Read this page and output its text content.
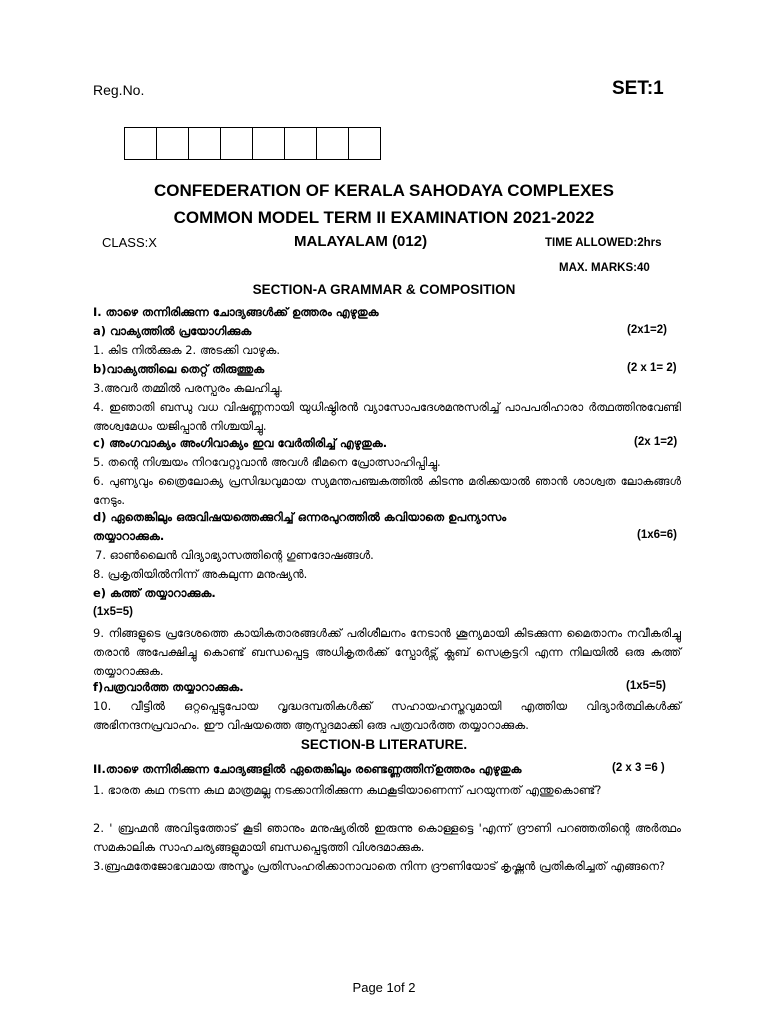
Reg.No.	SET:1
CONFEDERATION OF KERALA SAHODAYA COMPLEXES
COMMON MODEL TERM II EXAMINATION 2021-2022
CLASS:X	MALAYALAM (012)	TIME ALLOWED:2hrs
MAX. MARKS:40
SECTION-A GRAMMAR & COMPOSITION
I. താഴെ തന്നിരിക്കുന്ന ചോദ്യങ്ങൾക്ക് ഉത്തരം എഴുതുക
a) വാക്യത്തിൽ പ്രയോഗിക്കുക	(2x1=2)
1. കിട നിൽക്കുക 2. അടക്കി വാഴുക.
b)വാക്യത്തിലെ തെറ്റ് തിരുത്തുക	(2 x 1= 2)
3.അവർ തമ്മിൽ പരസ്പരം കലഹിച്ചു.
4. ഇഞാതി ബന്ധു വധ വിഷണ്ണനായി യുധിഷ്ഠിരൻ വ്യാസോപദേശമനുസരിച്ച് പാപപരിഹാരാ ർത്ഥത്തിനുവേണ്ടി അശ്വമേധം യജിപ്പാൻ നിശ്ചയിച്ചു.
c) അംഗവാക്യം അംഗിവാക്യം ഇവ വേർതിരിച്ച് എഴുതുക.	(2x 1=2)
5. തന്റെ നിശ്ചയം നിറവേറ്റുവാൻ അവൾ ഭീമനെ പ്രോത്സാഹിപ്പിച്ചു.
6. പുണ്യവും ത്രൈലോക്യ പ്രസിദ്ധവുമായ സ്യമന്തപഞ്ചകത്തിൽ കിടന്നു മരിക്കയാൽ ഞാൻ ശാശ്വത ലോകങ്ങൾ നേടും.
d) ഏതെങ്കിലും ഒരുവിഷയത്തെക്കുറിച്ച് ഒന്നരപുറത്തിൽ കവിയാതെ ഉപന്യാസം
തയ്യാറാക്കുക.	(1x6=6)
7. ഓൺലൈൻ വിദ്യാഭ്യാസത്തിന്റെ ഗുണദോഷങ്ങൾ.
8. പ്രകൃതിയിൽനിന്ന് അകലുന്ന മനുഷ്യൻ.
e) കത്ത് തയ്യാറാക്കുക.
(1x5=5)
9. നിങ്ങളുടെ പ്രദേശത്തെ കായികതാരങ്ങൾക്ക് പരിശീലനം നേടാൻ ശൂന്യമായി കിടക്കുന്ന മൈതാനം നവീകരിച്ചു തരാൻ അപേക്ഷിച്ചു കൊണ്ട് ബന്ധപ്പെട്ട അധികൃതർക്ക് സ്പോർട്സ് ക്ലബ് സെക്രട്ടറി എന്ന നിലയിൽ ഒരു കത്ത് തയ്യാറാക്കുക.
f)പത്രവാർത്ത തയ്യാറാക്കുക.	(1x5=5)
10. വീട്ടിൽ ഒറ്റപ്പെട്ടുപോയ വൃദ്ധദമ്പതികൾക്ക് സഹായഹസ്തവുമായി എത്തിയ വിദ്യാർത്ഥികൾക്ക് അഭിനന്ദനപ്രവാഹം. ഈ വിഷയത്തെ ആസ്പദമാക്കി ഒരു പത്രവാർത്ത തയ്യാറാക്കുക.
SECTION-B LITERATURE.
II.താഴെ തന്നിരിക്കുന്ന ചോദ്യങ്ങളിൽ ഏതെങ്കിലും രണ്ടെണ്ണത്തിന്ഉത്തരം എഴുതുക	(2 x 3 =6 )
1. ഭാരത കഥ നടന്ന കഥ മാത്രമല്ല നടക്കാനിരിക്കുന്ന കഥകൂടിയാണെന്ന് പറയുന്നത് എന്തുകൊണ്ട്?
2. ' ബ്രഹ്മൻ അവിടുത്തോട് കൂടി ഞാനും മനുഷ്യരിൽ ഇരുന്നു കൊള്ളട്ടെ 'എന്ന് ദ്രൗണി പറഞ്ഞതിന്റെ അർത്ഥം സമകാലിക സാഹചര്യങ്ങളുമായി ബന്ധപ്പെടുത്തി വിശദമാക്കുക.
3.ബ്രഹ്മതേജോഭവമായ അസ്ത്രം പ്രതിസംഹരിക്കാനാവാതെ നിന്ന ദ്രൗണിയോട് കൃഷ്ണൻ പ്രതികരിച്ചത് എങ്ങനെ?
Page 1of 2
